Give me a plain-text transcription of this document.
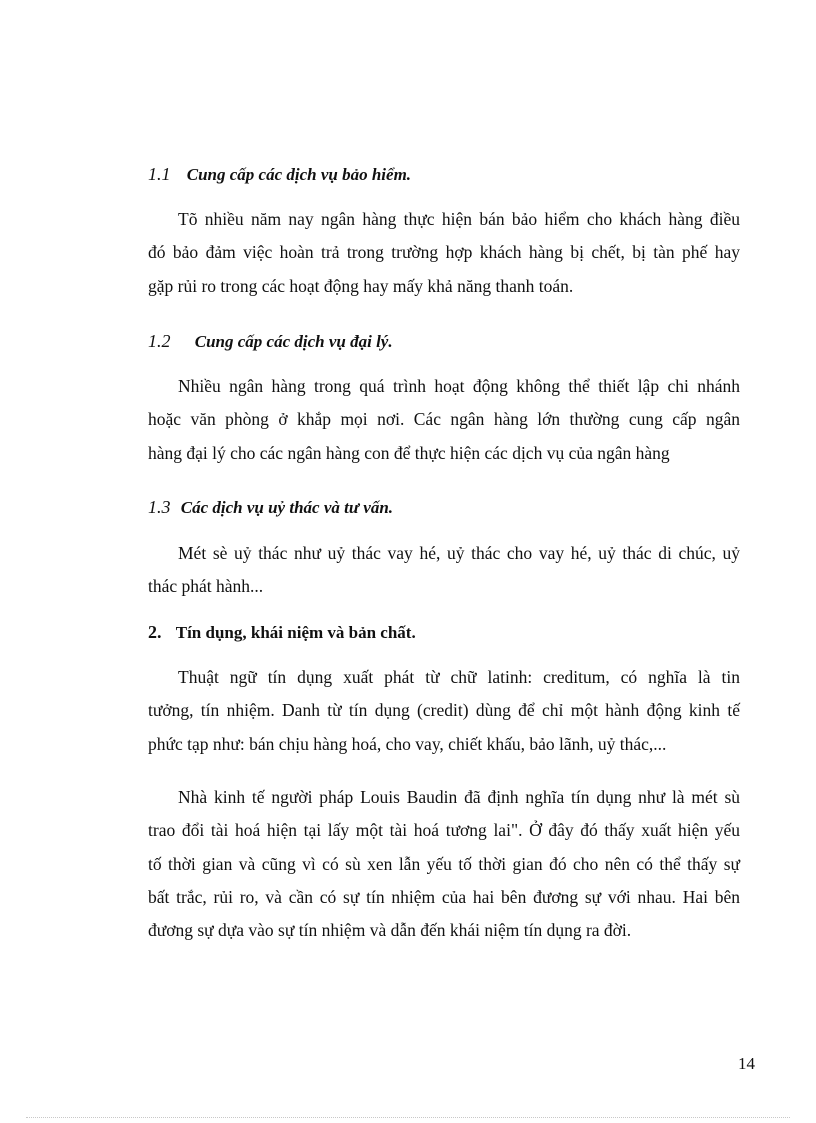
1.1 Cung cấp các dịch vụ bảo hiểm.
Tõ nhiều năm nay ngân hàng thực hiện bán bảo hiểm cho khách hàng điều
đó bảo đảm việc hoàn trả trong trường hợp khách hàng bị chết, bị tàn phế hay
gặp rủi ro trong các hoạt động hay mấy khả năng thanh toán.
1.2 Cung cấp các dịch vụ đại lý.
Nhiều ngân hàng trong quá trình hoạt động không thể thiết lập chi nhánh
hoặc văn phòng ở khắp mọi nơi. Các ngân hàng lớn thường cung cấp ngân
hàng đại lý cho các ngân hàng con để thực hiện các dịch vụ của ngân hàng
1.3 Các dịch vụ uỷ thác và tư vấn.
Mét sè uỷ thác như uỷ thác vay hé, uỷ thác cho vay hé, uỷ thác di chúc, uỷ
thác phát hành...
2. Tín dụng, khái niệm và bản chất.
Thuật ngữ tín dụng xuất phát từ chữ latinh: creditum, có nghĩa là tin
tưởng, tín nhiệm. Danh từ tín dụng (credit) dùng để chỉ một hành động kinh tế
phức tạp như: bán chịu hàng hoá, cho vay, chiết khấu, bảo lãnh, uỷ thác,...
Nhà kinh tế người pháp Louis Baudin đã định nghĩa tín dụng như là mét sù
trao đổi tài hoá hiện tại lấy một tài hoá tương lai". Ở đây đó thấy xuất hiện yếu
tố thời gian và cũng vì có sù xen lẫn yếu tố thời gian đó cho nên có thể thấy sự
bất trắc, rủi ro, và cần có sự tín nhiệm của hai bên đương sự với nhau. Hai bên
đương sự dựa vào sự tín nhiệm và dẫn đến khái niệm tín dụng ra đời.
14
